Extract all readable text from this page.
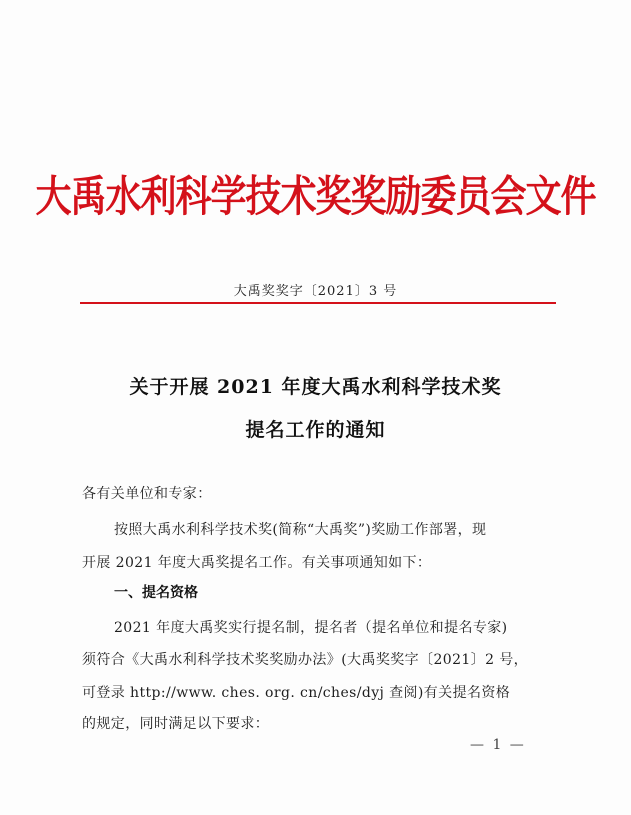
大禹水利科学技术奖奖励委员会文件
大禹奖奖字〔2021〕3 号
关于开展 2021 年度大禹水利科学技术奖
提名工作的通知
各有关单位和专家：
按照大禹水利科学技术奖(简称“大禹奖”)奖励工作部署，现
开展 2021 年度大禹奖提名工作。有关事项通知如下：
一、提名资格
2021 年度大禹奖实行提名制，提名者（提名单位和提名专家)
须符合《大禹水利科学技术奖奖励办法》(大禹奖奖字〔2021〕2 号，
可登录 http://www. ches. org. cn/ches/dyj 查阅)有关提名资格
的规定，同时满足以下要求：
— 1 —
